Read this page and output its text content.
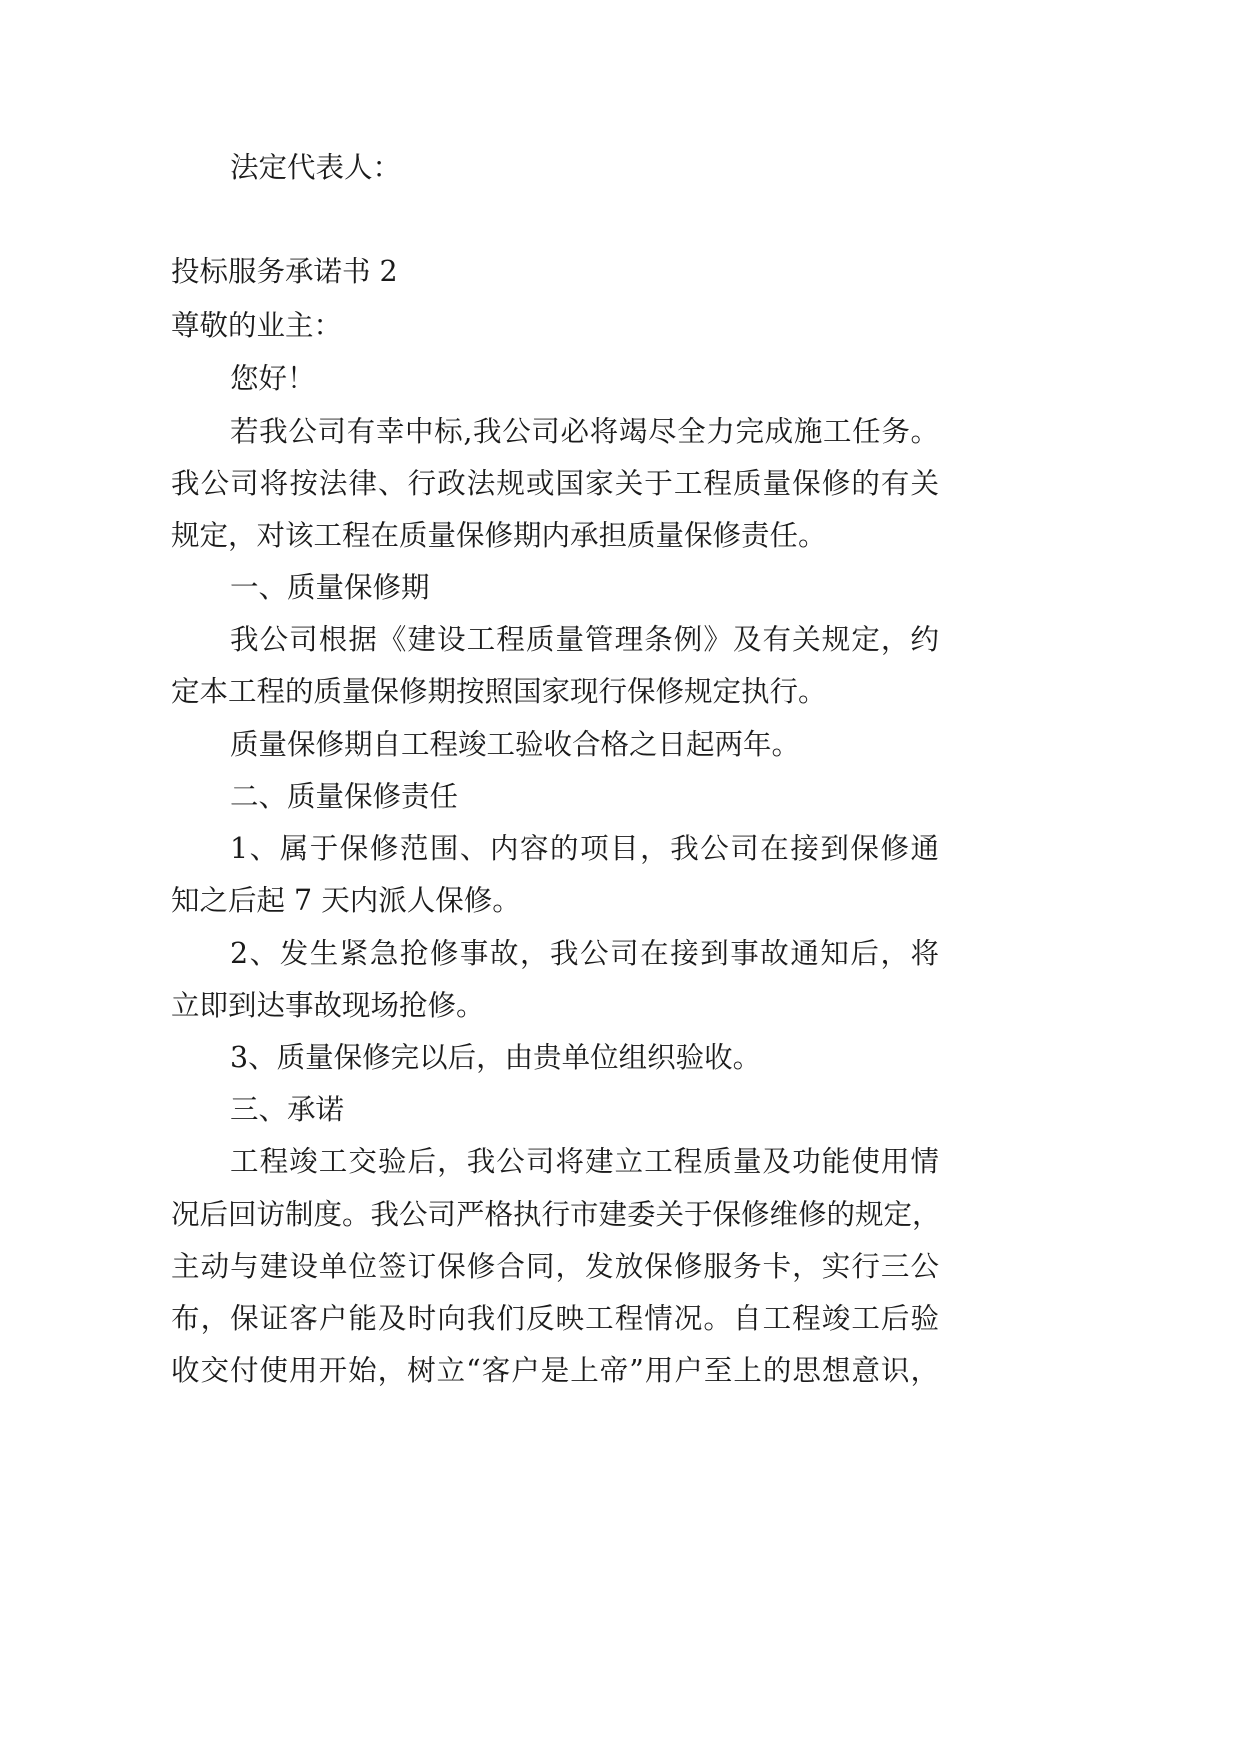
法定代表人：

投标服务承诺书 2

尊敬的业主：

您好！

若我公司有幸中标,我公司必将竭尽全力完成施工任务。

我公司将按法律、行政法规或国家关于工程质量保修的有关

规定，对该工程在质量保修期内承担质量保修责任。

一、质量保修期

我公司根据《建设工程质量管理条例》及有关规定，约

定本工程的质量保修期按照国家现行保修规定执行。

质量保修期自工程竣工验收合格之日起两年。

二、质量保修责任

1、属于保修范围、内容的项目，我公司在接到保修通

知之后起 7 天内派人保修。

2、发生紧急抢修事故，我公司在接到事故通知后，将

立即到达事故现场抢修。

3、质量保修完以后，由贵单位组织验收。

三、承诺

工程竣工交验后，我公司将建立工程质量及功能使用情

况后回访制度。我公司严格执行市建委关于保修维修的规定，

主动与建设单位签订保修合同，发放保修服务卡，实行三公

布，保证客户能及时向我们反映工程情况。自工程竣工后验

收交付使用开始，树立“客户是上帝”用户至上的思想意识，
